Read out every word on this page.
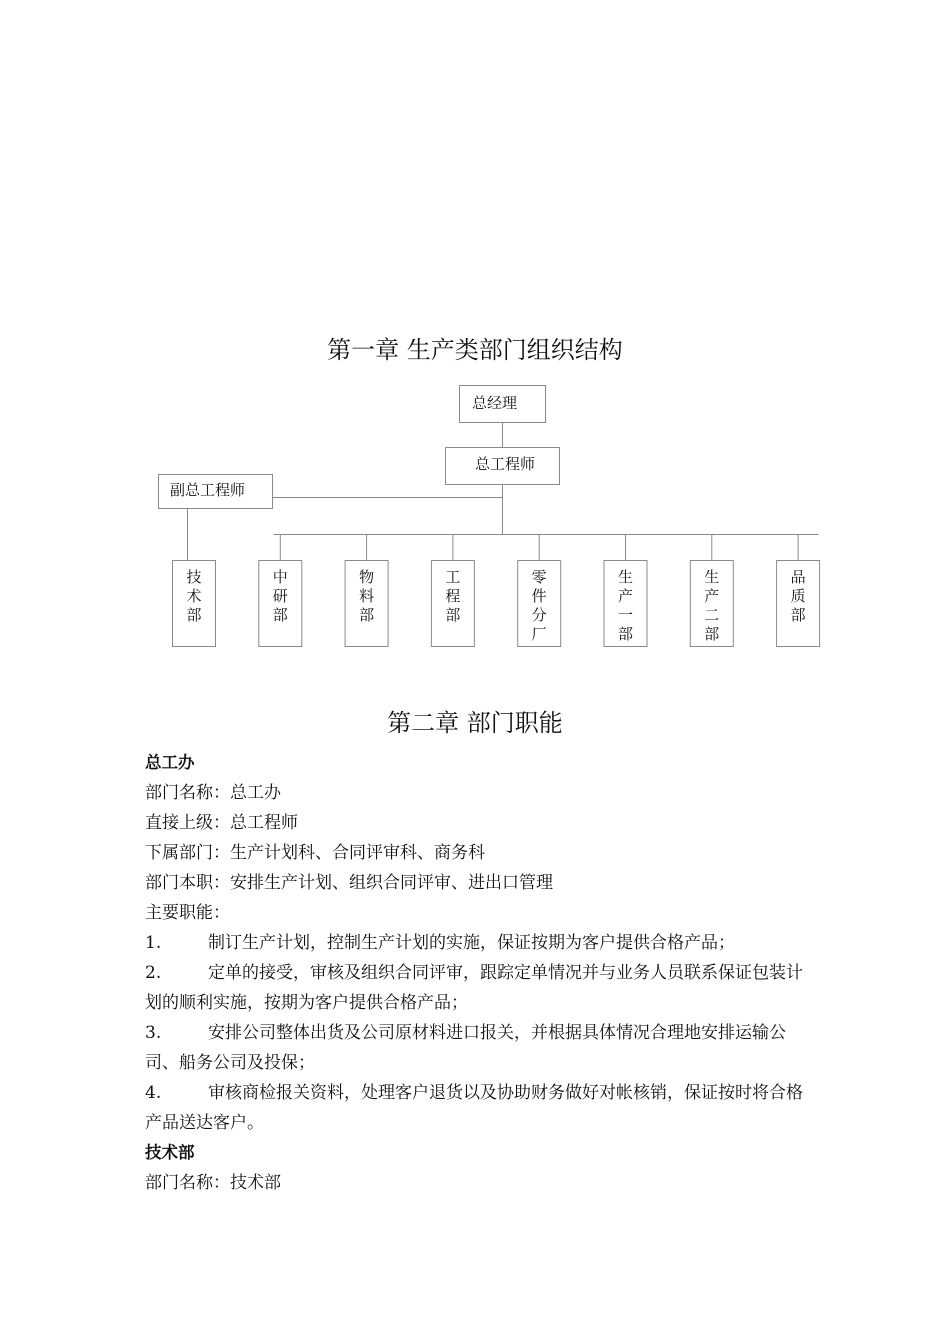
第一章 生产类部门组织结构
总经理
总工程师
副总工程师
技
术
部
中
研
部
物
料
部
工
程
部
零
件
分
厂
生
产
一
部
生
产
二
部
品
质
部
第二章 部门职能

总工办

部门名称：总工办

直接上级：总工程师

下属部门：生产计划科、合同评审科、商务科

部门本职：安排生产计划、组织合同评审、进出口管理

主要职能：

1.	制订生产计划，控制生产计划的实施，保证按期为客户提供合格产品；

2.	定单的接受，审核及组织合同评审，跟踪定单情况并与业务人员联系保证包装计划的顺利实施，按期为客户提供合格产品；

3.	安排公司整体出货及公司原材料进口报关，并根据具体情况合理地安排运输公司、船务公司及投保；

4.	审核商检报关资料，处理客户退货以及协助财务做好对帐核销，保证按时将合格产品送达客户。

技术部

部门名称：技术部
